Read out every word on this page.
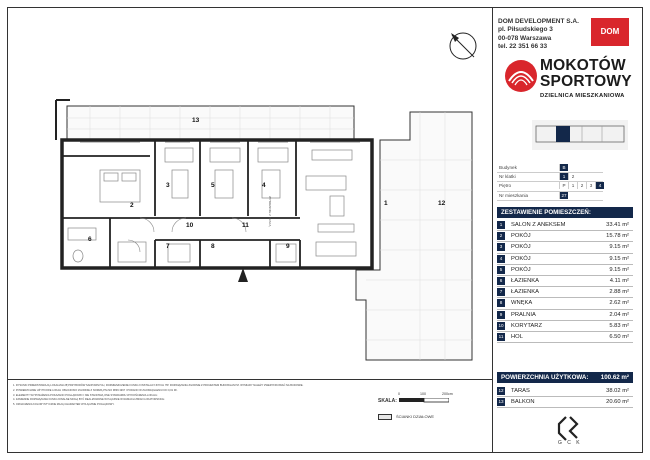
1
2
3	4
5
6
7	8	9
10	11
12
13
WYMIENNIE Z SZAFĄ
DOM DEVELOPMENT S.A.
pl. Piłsudskiego 3
00-078 Warszawa
tel. 22 351 66 33
DOM
MOKOTÓW
SPORTOWY
DZIELNICA MIESZKANIOWA
Budynek	B
Nr klatki	1	2
Piętro	P	1	2	3	4
Nr mieszkania	27
ZESTAWIENIE POMIESZCZEŃ:
1	SALON Z ANEKSEM	33.41 m²
2	POKÓJ	15.78 m²
3	POKÓJ	9.15 m²
4	POKÓJ	9.15 m²
5	POKÓJ	9.15 m²
6	ŁAZIENKA	4.11 m²
7	ŁAZIENKA	2.88 m²
8	WNĘKA	2.62 m²
9	PRALNIA	2.04 m²
10 KORYTARZ	5.83 m²
11 HOL	6.50 m²
POWIERZCHNIA UŻYTKOWA: 100.62 m²
12 TARAS	38.02 m²
13 BALKON	20.60 m²
G C K

1. RYSUNKI PRZEDSTAWIAJĄ LOKALIZACJĘ PRZYBORÓW SANITARNYCH, ROZMIESZCZENIE FUNKCJI INSTALACYJNYCH ITP. ROZWIĄZANIA ZGODNIE Z PROJEKTEM BUDOWLANYM. WYMIARY NALEŻY ZWERYFIKOWAĆ NA BUDOWIE.

2. POWIERZCHNIE UŻYTKOWE LOKALI OBLICZONO ZGODNIE Z NORMĄ PN-ISO 9836:1997 I PODANO W ZAOKRĄGLENIU DO 0,01 M².

3. ELEMENTY WYPOSAŻENIA POKAZANO POGLĄDOWO I NIE STANOWIĄ ONE STANDARDU WYKOŃCZENIA LOKALU.

4. ZAMIENNE ROZWIĄZANIA FUNKCJONALNE MOGĄ BYĆ REALIZOWANE WYŁĄCZNIE W RAMACH ZMIAN LOKATORSKICH.

5. OZNACZENIA KOLORYSTYCZNE MAJĄ CHARAKTER WYŁĄCZNIE POGLĄDOWY.

SKALA:
0	100	200cm
ŚCIANKI DZIAŁOWE
